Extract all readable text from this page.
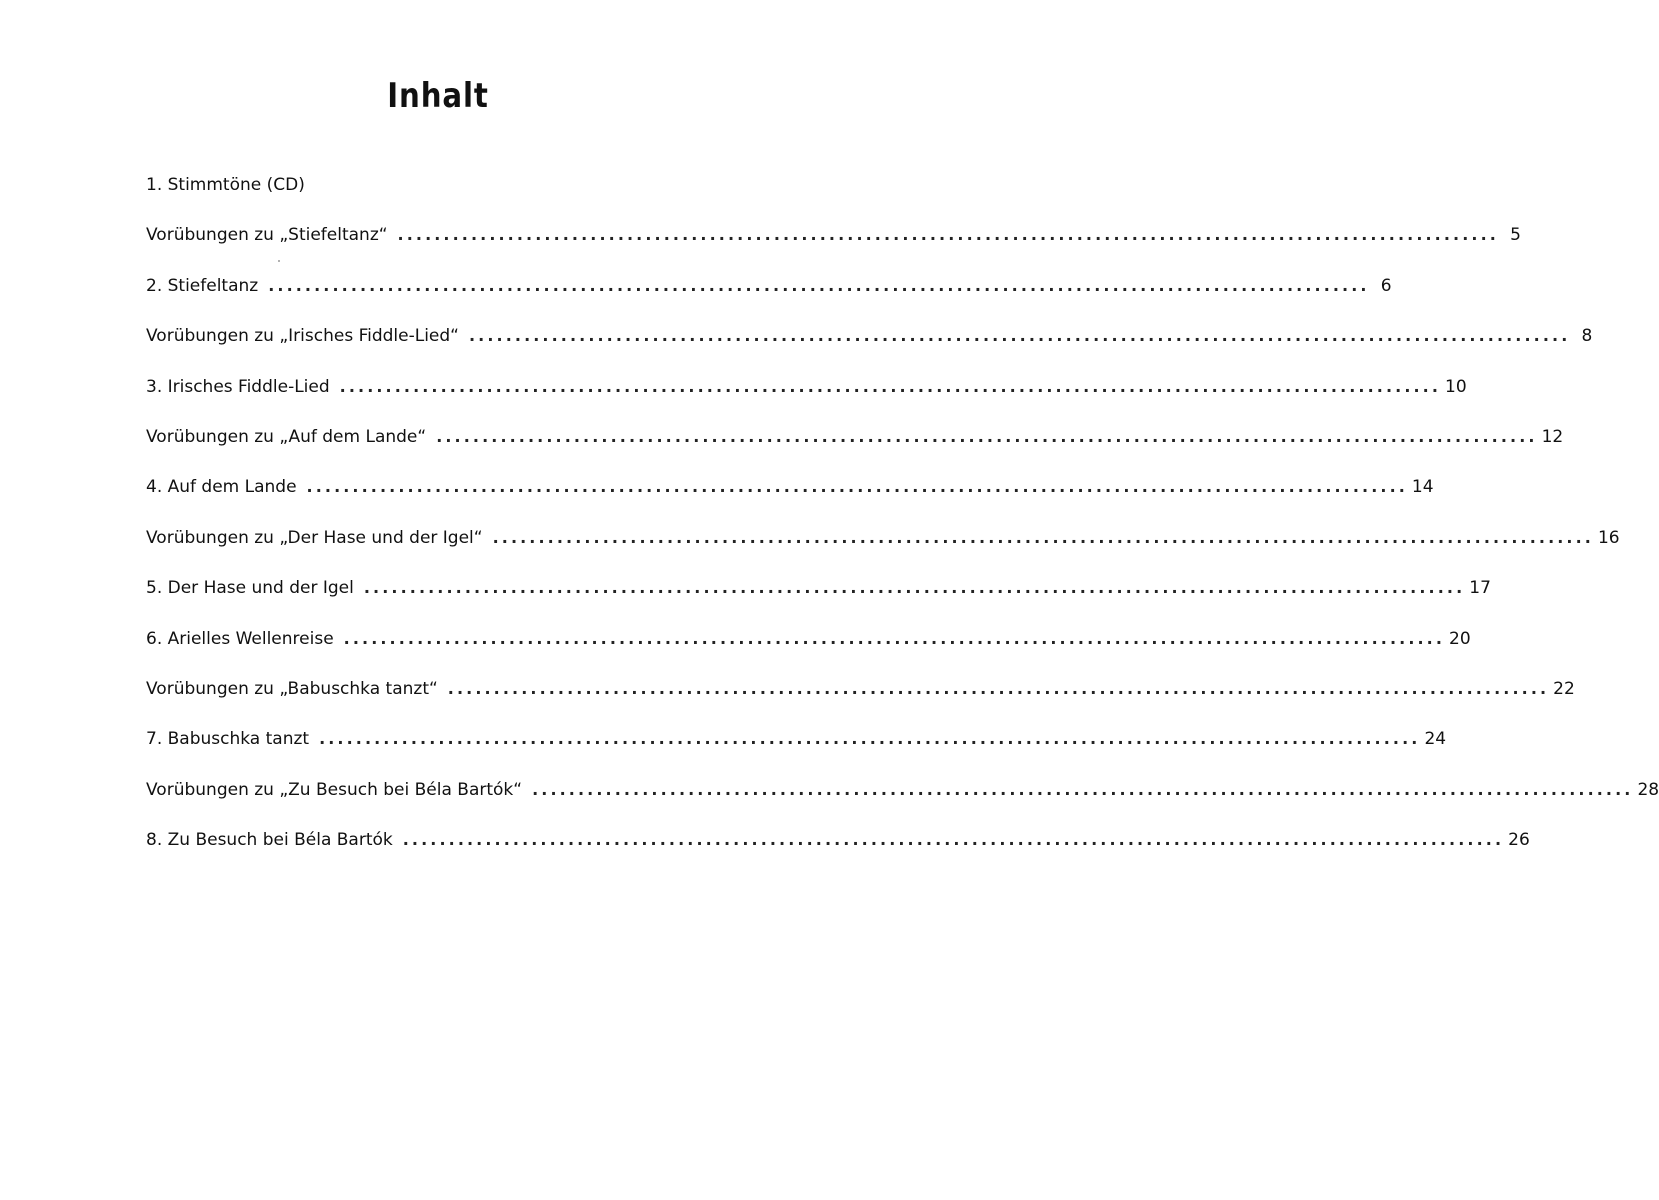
Inhalt
1. Stimmtöne (CD)
Vorübungen zu „Stiefeltanz“ ........................................................................................................................ 5
2. Stiefeltanz ........................................................................................................................ 6
Vorübungen zu „Irisches Fiddle-Lied“ ........................................................................................................................ 8
3. Irisches Fiddle-Lied ........................................................................................................................ 10
Vorübungen zu „Auf dem Lande“ ........................................................................................................................ 12
4. Auf dem Lande ........................................................................................................................ 14
Vorübungen zu „Der Hase und der Igel“ ........................................................................................................................ 16
5. Der Hase und der Igel ........................................................................................................................ 17
6. Arielles Wellenreise ........................................................................................................................ 20
Vorübungen zu „Babuschka tanzt“ ........................................................................................................................ 22
7. Babuschka tanzt ........................................................................................................................ 24
Vorübungen zu „Zu Besuch bei Béla Bartók“ ........................................................................................................................ 28
8. Zu Besuch bei Béla Bartók ........................................................................................................................ 26
